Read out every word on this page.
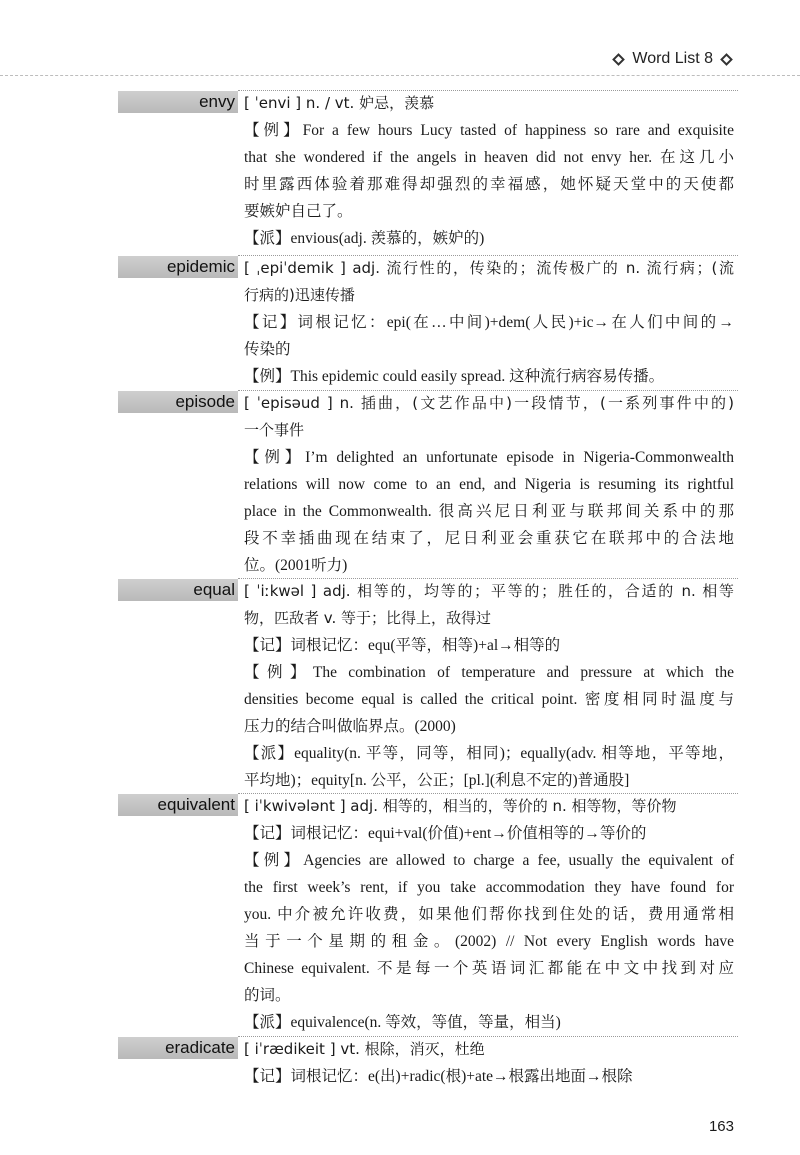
Word List 8
envy [ ˈenvi ] n. / vt. 妒忌，羡慕
【例】For a few hours Lucy tasted of happiness so rare and exquisite
that she wondered if the angels in heaven did not envy her. 在这几小
时里露西体验着那难得却强烈的幸福感，她怀疑天堂中的天使都
要嫉妒自己了。
【派】envious(adj. 羡慕的，嫉妒的)
epidemic [ ˌepiˈdemik ] adj. 流行性的，传染的；流传极广的 n. 流行病；(流
行病的)迅速传播
【记】词根记忆：epi(在…中间)+dem(人民)+ic→在人们中间的→
传染的
【例】This epidemic could easily spread. 这种流行病容易传播。
episode [ ˈepisəud ] n. 插曲，(文艺作品中)一段情节，(一系列事件中的)
一个事件
【例】I’m delighted an unfortunate episode in Nigeria-Commonwealth
relations will now come to an end, and Nigeria is resuming its rightful
place in the Commonwealth. 很高兴尼日利亚与联邦间关系中的那
段不幸插曲现在结束了，尼日利亚会重获它在联邦中的合法地
位。(2001听力)
equal [ ˈiːkwəl ] adj. 相等的，均等的；平等的；胜任的，合适的 n. 相等
物，匹敌者 v. 等于；比得上，敌得过
【记】词根记忆：equ(平等，相等)+al→相等的
【例】The combination of temperature and pressure at which the
densities become equal is called the critical point. 密度相同时温度与
压力的结合叫做临界点。(2000)
【派】equality(n. 平等，同等，相同)；equally(adv. 相等地，平等地，
平均地)；equity[n. 公平，公正；[pl.](利息不定的)普通股]
equivalent [ iˈkwivələnt ] adj. 相等的，相当的，等价的 n. 相等物，等价物
【记】词根记忆：equi+val(价值)+ent→价值相等的→等价的
【例】Agencies are allowed to charge a fee, usually the equivalent of
the first week’s rent, if you take accommodation they have found for
you. 中介被允许收费，如果他们帮你找到住处的话，费用通常相
当于一个星期的租金。(2002) // Not every English words have
Chinese equivalent. 不是每一个英语词汇都能在中文中找到对应
的词。
【派】equivalence(n. 等效，等值，等量，相当)
eradicate [ iˈrædikeit ] vt. 根除，消灭，杜绝
【记】词根记忆：e(出)+radic(根)+ate→根露出地面→根除
163
